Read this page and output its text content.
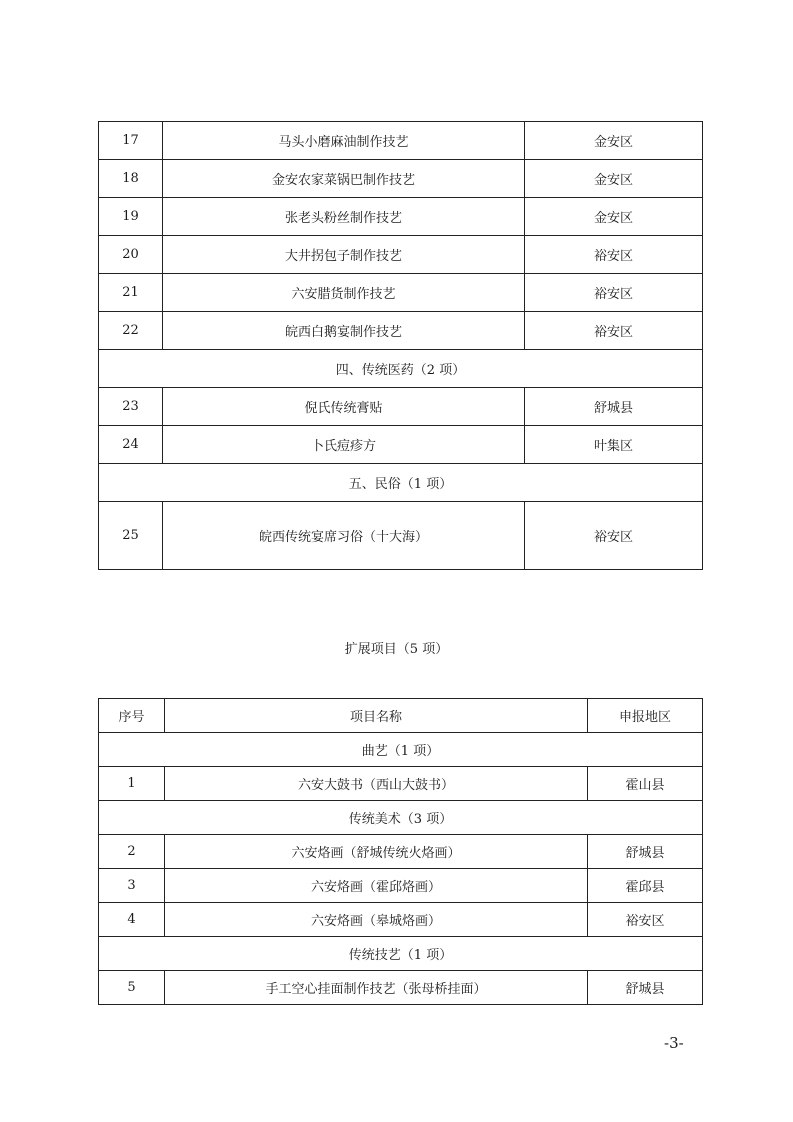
17	马头小磨麻油制作技艺	金安区
18	金安农家菜锅巴制作技艺	金安区
19	张老头粉丝制作技艺	金安区
20	大井拐包子制作技艺	裕安区
21	六安腊货制作技艺	裕安区
22	皖西白鹅宴制作技艺	裕安区
四、传统医药（2 项）		
23	倪氏传统膏贴	舒城县
24	卜氏痘疹方	叶集区
五、民俗（1 项）		
25	皖西传统宴席习俗（十大海）	裕安区
扩展项目（5 项）
序号	项目名称	申报地区
曲艺（1 项）		
1	六安大鼓书（西山大鼓书）	霍山县
传统美术（3 项）		
2	六安烙画（舒城传统火烙画）	舒城县
3	六安烙画（霍邱烙画）	霍邱县
4	六安烙画（皋城烙画）	裕安区
传统技艺（1 项）		
5	手工空心挂面制作技艺（张母桥挂面）	舒城县
-3-
